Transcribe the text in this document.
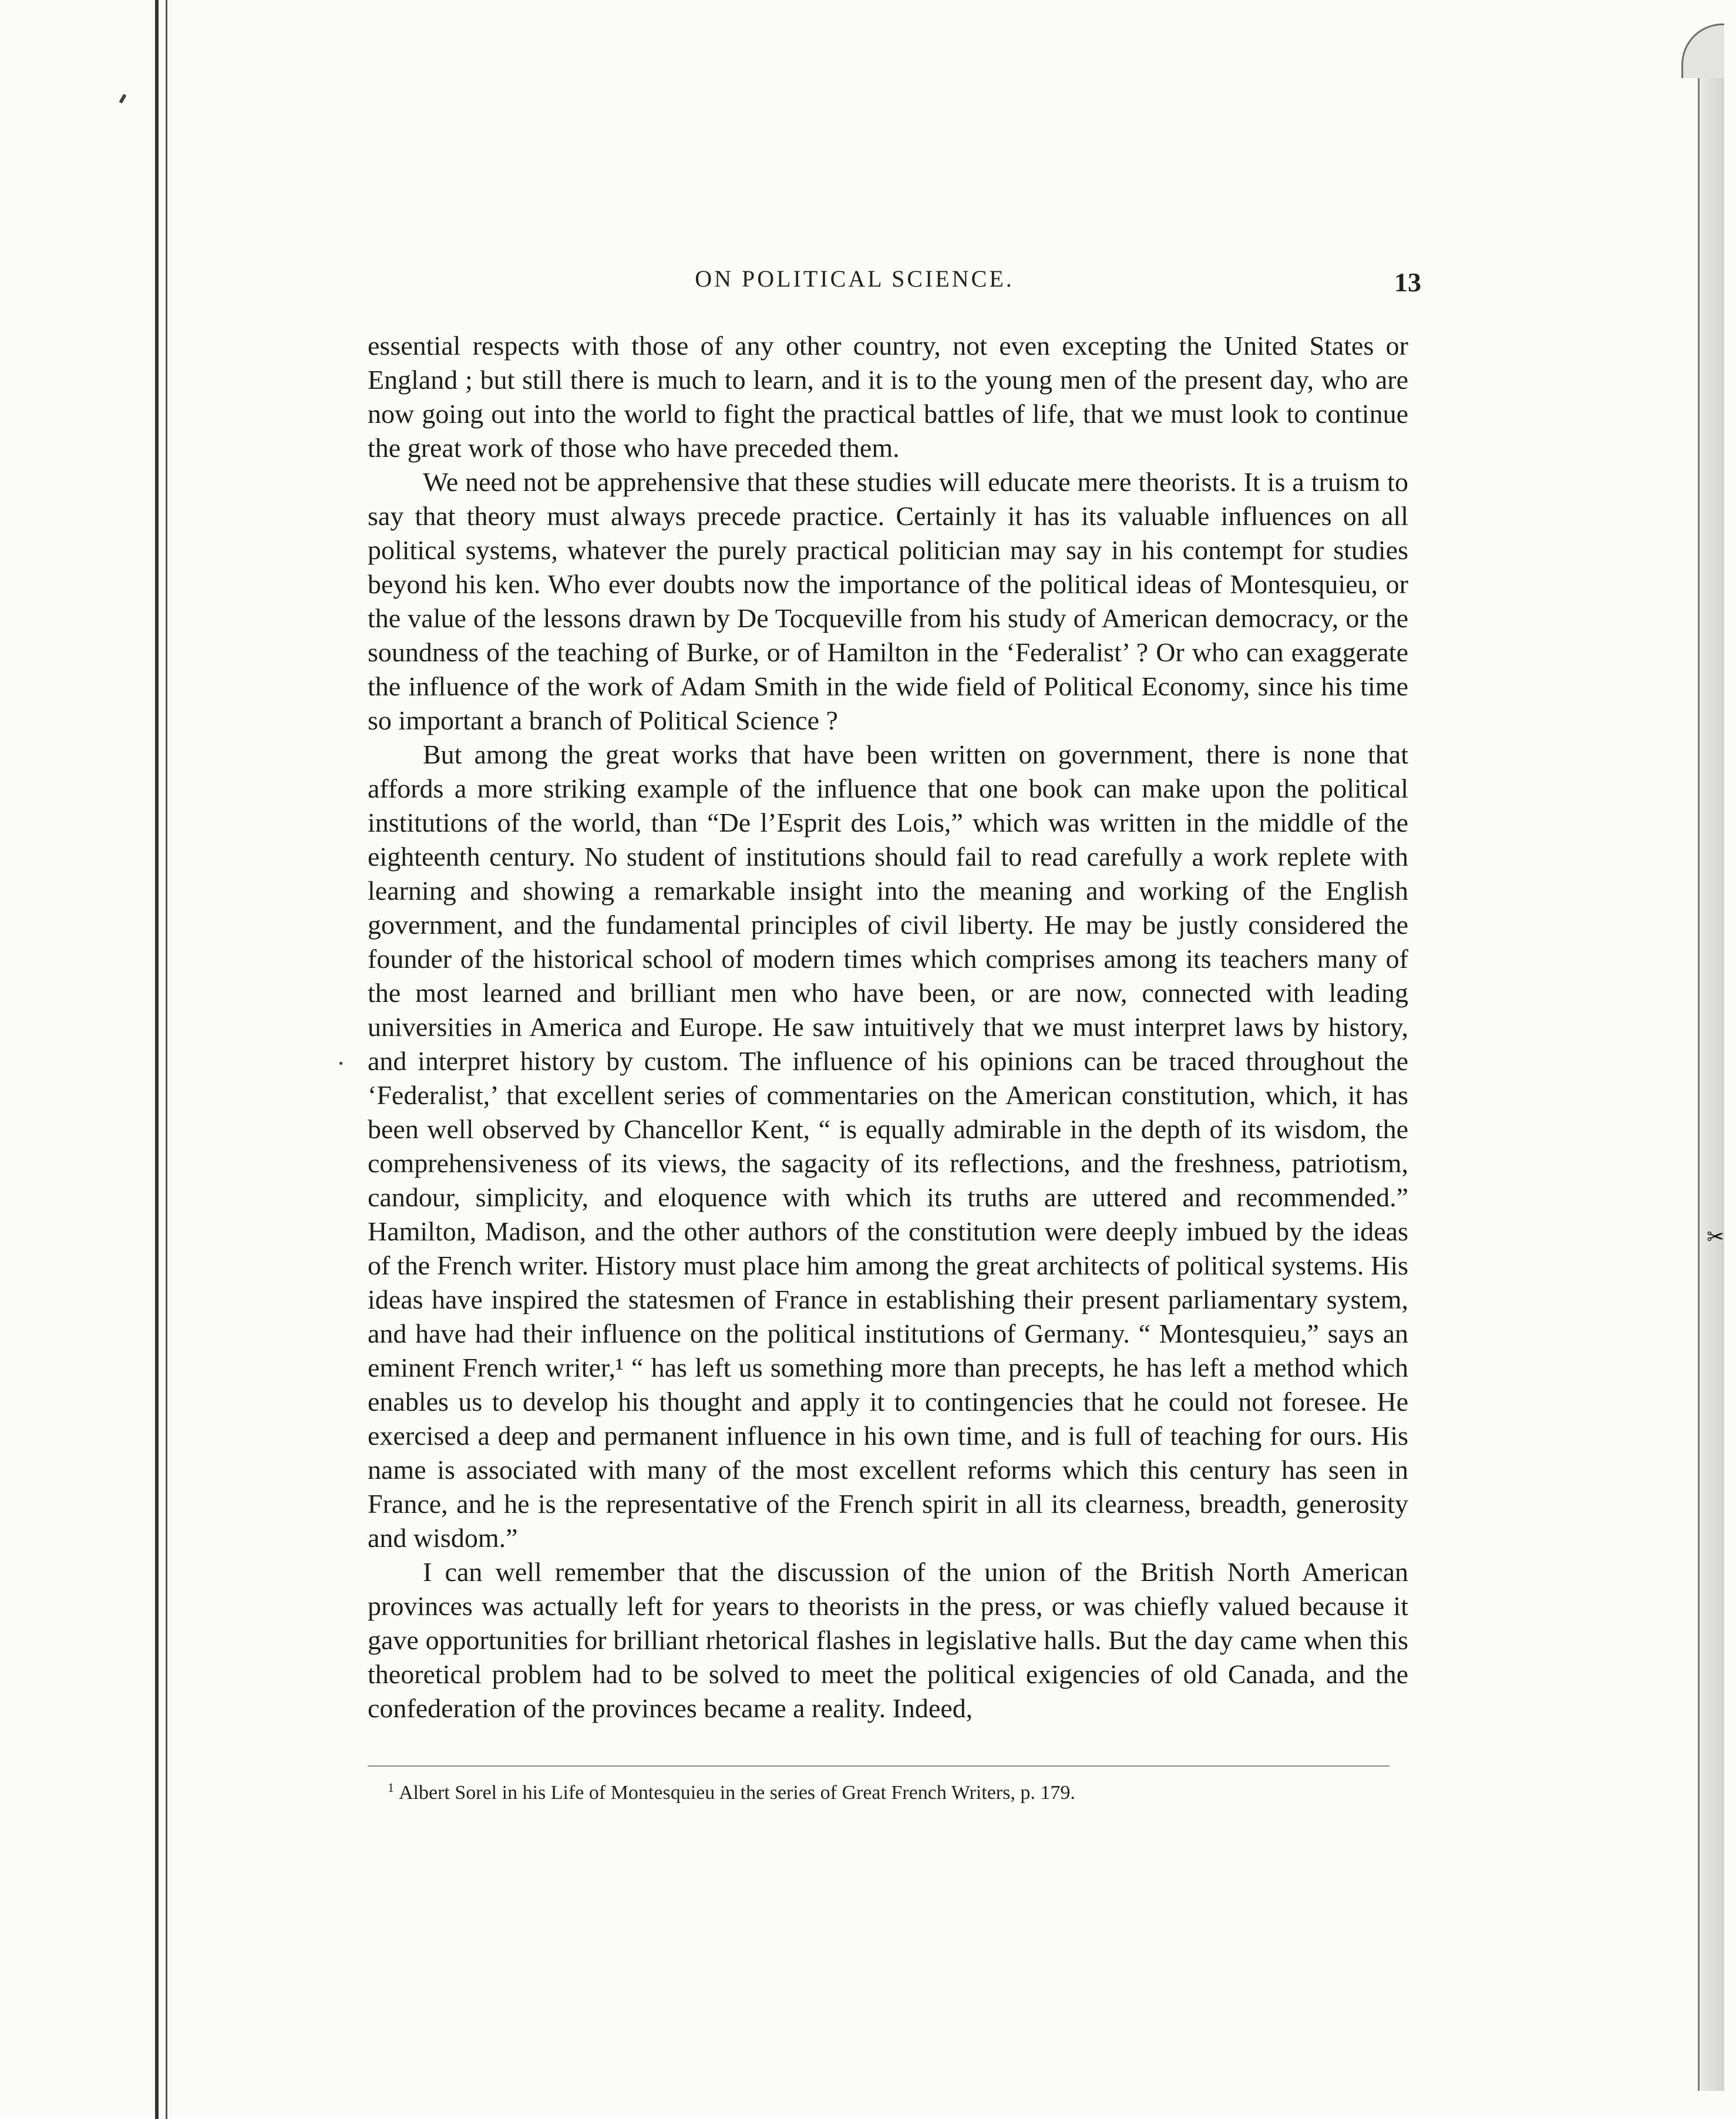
✂
ON POLITICAL SCIENCE.	13

essential respects with those of any other country, not even excepting the United States or England ; but still there is much to learn, and it is to the young men of the present day, who are now going out into the world to fight the practical battles of life, that we must look to continue the great work of those who have preceded them.

We need not be apprehensive that these studies will educate mere theorists. It is a truism to say that theory must always precede practice. Certainly it has its valuable influences on all political systems, whatever the purely practical politician may say in his contempt for studies beyond his ken. Who ever doubts now the importance of the political ideas of Montesquieu, or the value of the lessons drawn by De Tocqueville from his study of American democracy, or the soundness of the teaching of Burke, or of Hamilton in the ‘Federalist’ ? Or who can exaggerate the influence of the work of Adam Smith in the wide field of Political Economy, since his time so important a branch of Political Science ?

But among the great works that have been written on government, there is none that affords a more striking example of the influence that one book can make upon the political institutions of the world, than “De l’Esprit des Lois,” which was written in the middle of the eighteenth century. No student of institutions should fail to read carefully a work replete with learning and showing a remarkable insight into the meaning and working of the English government, and the fundamental principles of civil liberty. He may be justly considered the founder of the historical school of modern times which comprises among its teachers many of the most learned and brilliant men who have been, or are now, connected with leading universities in America and Europe. He saw intuitively that we must interpret laws by history, and interpret history by custom. The influence of his opinions can be traced throughout the ‘Federalist,’ that excellent series of commentaries on the American constitution, which, it has been well observed by Chancellor Kent, “ is equally admirable in the depth of its wisdom, the comprehensiveness of its views, the sagacity of its reflections, and the freshness, patriotism, candour, simplicity, and eloquence with which its truths are uttered and recommended.” Hamilton, Madison, and the other authors of the constitution were deeply imbued by the ideas of the French writer. History must place him among the great architects of political systems. His ideas have inspired the statesmen of France in establishing their present parliamentary system, and have had their influence on the political institutions of Germany. “ Montesquieu,” says an eminent French writer,¹ “ has left us something more than precepts, he has left a method which enables us to develop his thought and apply it to contingencies that he could not foresee. He exercised a deep and permanent influence in his own time, and is full of teaching for ours. His name is associated with many of the most excellent reforms which this century has seen in France, and he is the representative of the French spirit in all its clearness, breadth, generosity and wisdom.”

I can well remember that the discussion of the union of the British North American provinces was actually left for years to theorists in the press, or was chiefly valued because it gave opportunities for brilliant rhetorical flashes in legislative halls. But the day came when this theoretical problem had to be solved to meet the political exigencies of old Canada, and the confederation of the provinces became a reality. Indeed,

$^1$ Albert Sorel in his Life of Montesquieu in the series of Great French Writers, p. 179.
